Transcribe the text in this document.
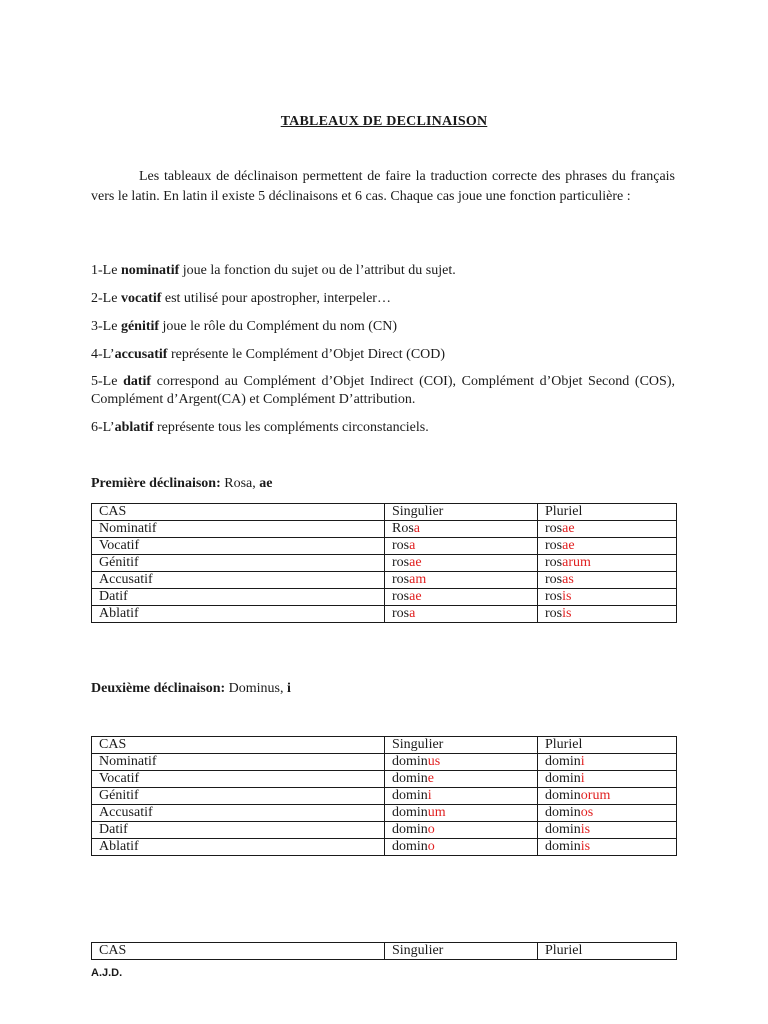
TABLEAUX DE DECLINAISON

Les tableaux de déclinaison permettent de faire la traduction correcte des phrases du français vers le latin. En latin il existe 5 déclinaisons et 6 cas. Chaque cas joue une fonction particulière :

1-Le nominatif joue la fonction du sujet ou de l’attribut du sujet.
2-Le vocatif est utilisé pour apostropher, interpeler…
3-Le génitif joue le rôle du Complément du nom (CN)
4-L’accusatif représente le Complément d’Objet Direct (COD)
5-Le datif correspond au Complément d’Objet Indirect (COI), Complément d’Objet Second (COS), Complément d’Argent(CA) et Complément D’attribution.
6-L’ablatif représente tous les compléments circonstanciels.
Première déclinaison: Rosa, ae
CAS	Singulier	Pluriel
Nominatif	Rosa	rosae
Vocatif	rosa	rosae
Génitif	rosae	rosarum
Accusatif	rosam	rosas
Datif	rosae	rosis
Ablatif	rosa	rosis
Deuxième déclinaison: Dominus, i
CAS	Singulier	Pluriel
Nominatif	dominus	domini
Vocatif	domine	domini
Génitif	domini	dominorum
Accusatif	dominum	dominos
Datif	domino	dominis
Ablatif	domino	dominis
CAS	Singulier	Pluriel
A.J.D.
